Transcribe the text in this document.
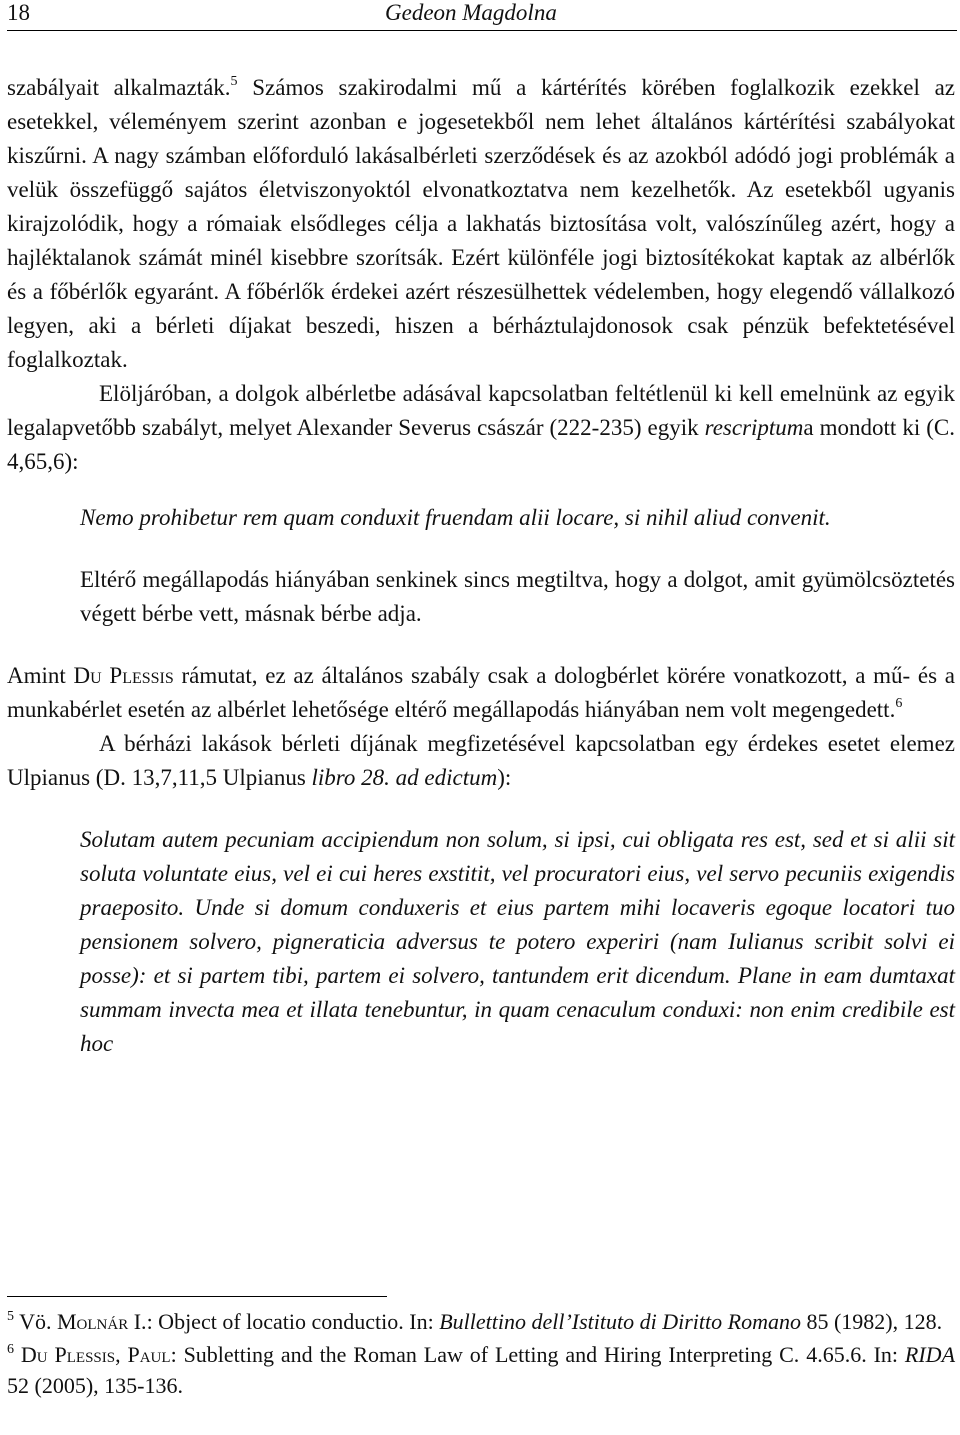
18	Gedeon Magdolna

szabályait alkalmazták.$^5$ Számos szakirodalmi mű a kártérítés körében foglalkozik ezekkel az esetekkel, véleményem szerint azonban e jogesetekből nem lehet általános kártérítési szabályokat kiszűrni. A nagy számban előforduló lakásalbérleti szerződések és az azokból adódó jogi problémák a velük összefüggő sajátos életviszonyoktól elvonatkoztatva nem kezelhetők. Az esetekből ugyanis kirajzolódik, hogy a rómaiak elsődleges célja a lakhatás biztosítása volt, valószínűleg azért, hogy a hajléktalanok számát minél kisebbre szorítsák. Ezért különféle jogi biztosítékokat kaptak az albérlők és a főbérlők egyaránt. A főbérlők érdekei azért részesülhettek védelemben, hogy elegendő vállalkozó legyen, aki a bérleti díjakat beszedi, hiszen a bérháztulajdonosok csak pénzük befektetésével foglalkoztak.

Elöljáróban, a dolgok albérletbe adásával kapcsolatban feltétlenül ki kell emelnünk az egyik legalapvetőbb szabályt, melyet Alexander Severus császár (222-235) egyik rescriptuma mondott ki (C. 4,65,6):

Nemo prohibetur rem quam conduxit fruendam alii locare, si nihil aliud convenit.

Eltérő megállapodás hiányában senkinek sincs megtiltva, hogy a dolgot, amit gyümölcsöztetés végett bérbe vett, másnak bérbe adja.

Amint Du Plessis rámutat, ez az általános szabály csak a dologbérlet körére vonatkozott, a mű- és a munkabérlet esetén az albérlet lehetősége eltérő megállapodás hiányában nem volt megengedett.$^6$

A bérházi lakások bérleti díjának megfizetésével kapcsolatban egy érdekes esetet elemez Ulpianus (D. 13,7,11,5 Ulpianus libro 28. ad edictum):

Solutam autem pecuniam accipiendum non solum, si ipsi, cui obligata res est, sed et si alii sit soluta voluntate eius, vel ei cui heres exstitit, vel procuratori eius, vel servo pecuniis exigendis praeposito. Unde si domum conduxeris et eius partem mihi locaveris egoque locatori tuo pensionem solvero, pigneraticia adversus te potero experiri (nam Iulianus scribit solvi ei posse): et si partem tibi, partem ei solvero, tantundem erit dicendum. Plane in eam dumtaxat summam invecta mea et illata tenebuntur, in quam cenaculum conduxi: non enim credibile est hoc

$^5$ Vö. Molnár I.: Object of locatio conductio. In: Bullettino dell’Istituto di Diritto Romano 85 (1982), 128.

$^6$ Du Plessis, Paul: Subletting and the Roman Law of Letting and Hiring Interpreting C. 4.65.6. In: RIDA 52 (2005), 135-136.
